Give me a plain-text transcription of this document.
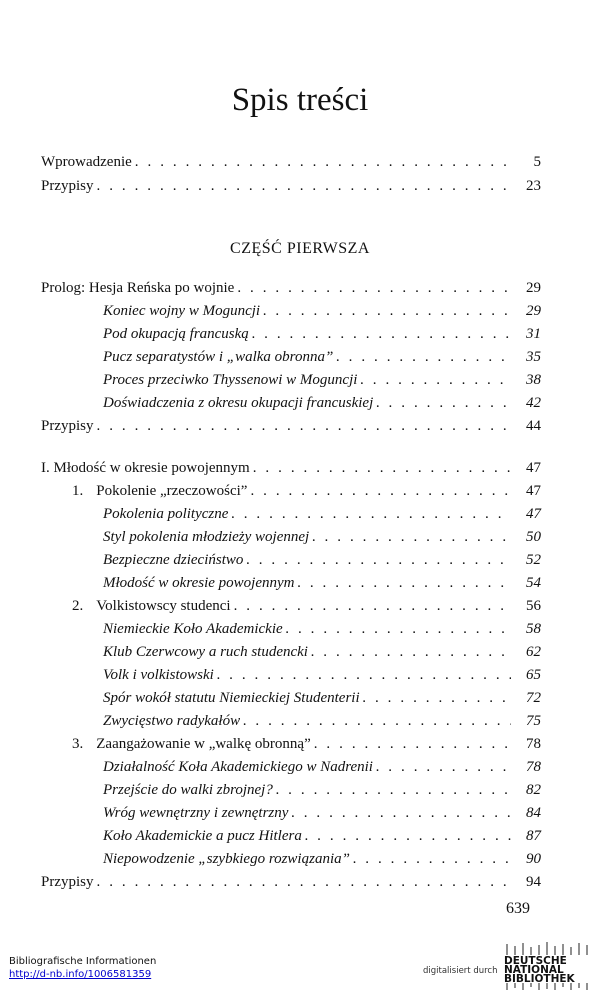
Spis treści
Wprowadzenie . . .	5
Przypisy . . .	23
CZĘŚĆ PIERWSZA
Prolog: Hesja Reńska po wojnie . . .	29
Koniec wojny w Moguncji . . .	29
Pod okupacją francuską . . .	31
Pucz separatystów i „walka obronna” . . .	35
Proces przeciwko Thyssenowi w Moguncji . . .	38
Doświadczenia z okresu okupacji francuskiej . . .	42
Przypisy . . .	44
I. Młodość w okresie powojennym . . .	47
1. Pokolenie „rzeczowości” . . .	47
Pokolenia polityczne . . .	47
Styl pokolenia młodzieży wojennej . . .	50
Bezpieczne dzieciństwo . . .	52
Młodość w okresie powojennym . . .	54
2. Volkistowscy studenci . . .	56
Niemieckie Koło Akademickie . . .	58
Klub Czerwcowy a ruch studencki . . .	62
Volk i volkistowski . . .	65
Spór wokół statutu Niemieckiej Studenterii . . .	72
Zwycięstwo radykałów . . .	75
3. Zaangażowanie w „walkę obronną” . . .	78
Działalność Koła Akademickiego w Nadrenii . . .	78
Przejście do walki zbrojnej? . . .	82
Wróg wewnętrzny i zewnętrzny . . .	84
Koło Akademickie a pucz Hitlera . . .	87
Niepowodzenie „szybkiego rozwiązania” . . .	90
Przypisy . . .	94
639
Bibliografische Informationen
http://d-nb.info/1006581359	digitalisiert durch
DEUTSCHE
NATIONAL
BIBLIOTHEK
